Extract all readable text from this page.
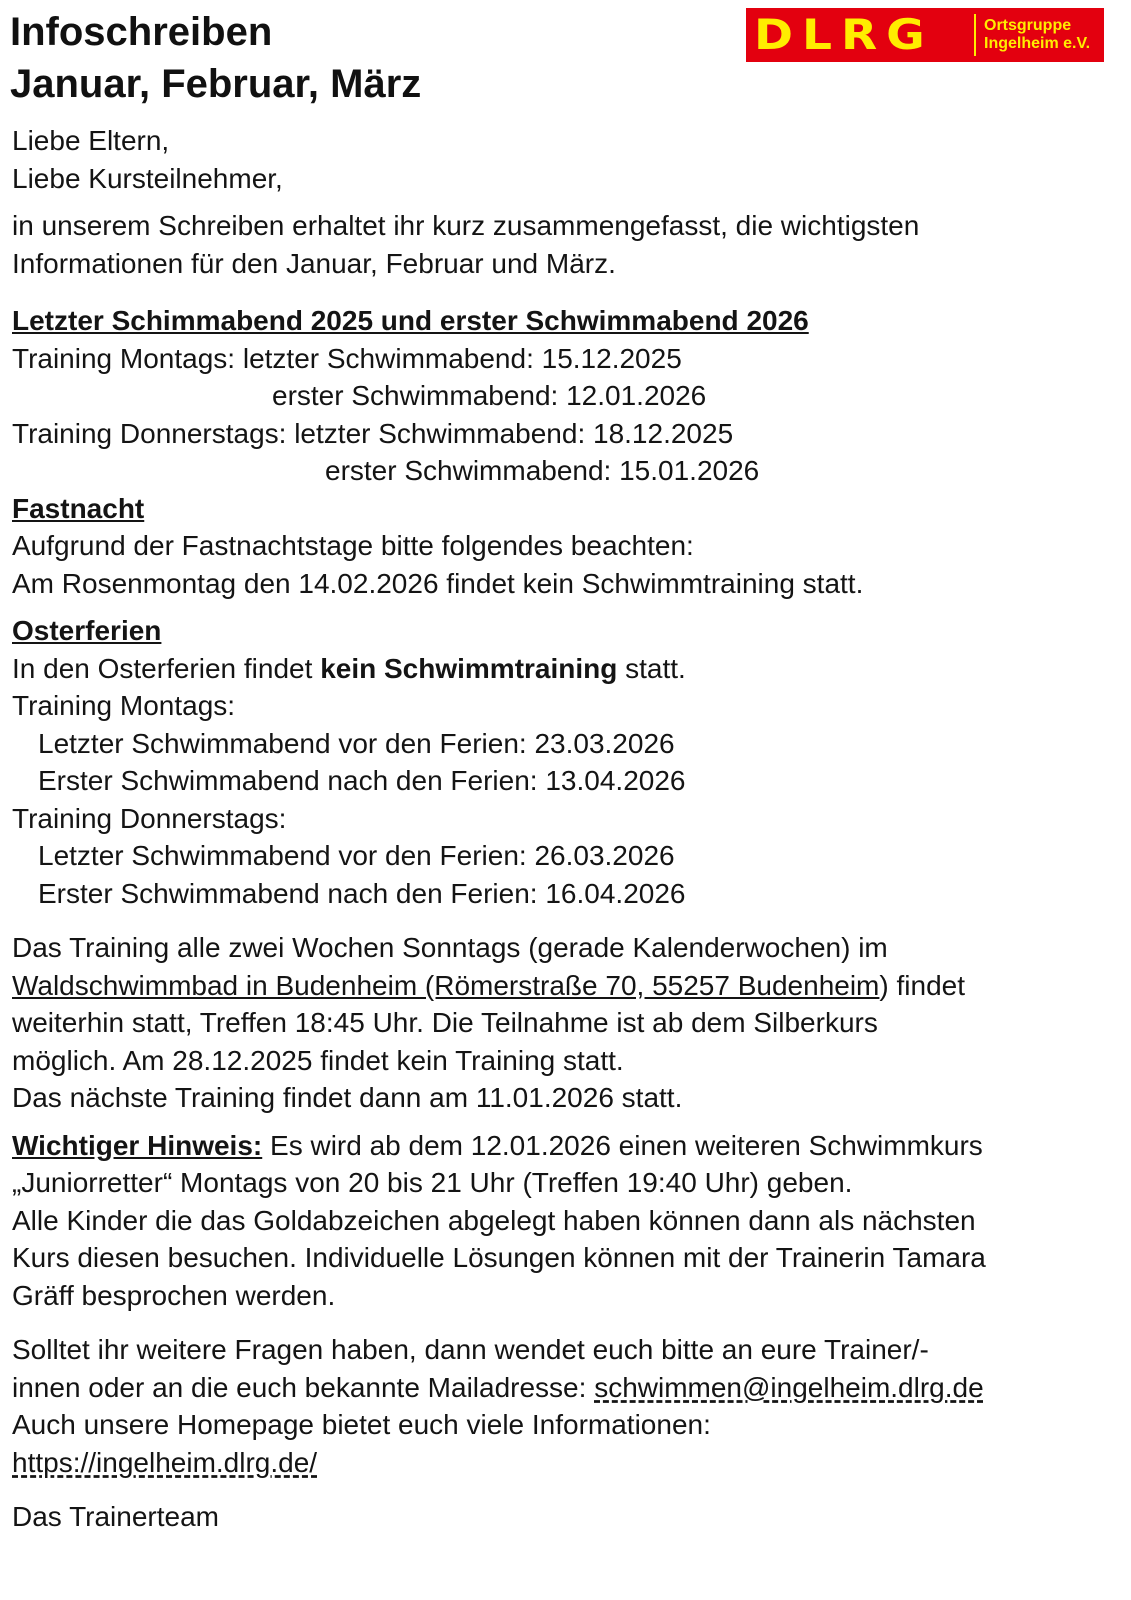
Infoschreiben
Januar, Februar, März
DLRG	Ortsgruppe
Ingelheim e.V.

Liebe Eltern,
Liebe Kursteilnehmer,

in unserem Schreiben erhaltet ihr kurz zusammengefasst, die wichtigsten
Informationen für den Januar, Februar und März.

Letzter Schimmabend 2025 und erster Schwimmabend 2026
Training Montags: letzter Schwimmabend: 15.12.2025
erster Schwimmabend: 12.01.2026
Training Donnerstags: letzter Schwimmabend: 18.12.2025
erster Schwimmabend: 15.01.2026

Fastnacht
Aufgrund der Fastnachtstage bitte folgendes beachten:
Am Rosenmontag den 14.02.2026 findet kein Schwimmtraining statt.

Osterferien
In den Osterferien findet kein Schwimmtraining statt.
Training Montags:
Letzter Schwimmabend vor den Ferien: 23.03.2026
Erster Schwimmabend nach den Ferien: 13.04.2026
Training Donnerstags:
Letzter Schwimmabend vor den Ferien: 26.03.2026
Erster Schwimmabend nach den Ferien: 16.04.2026

Das Training alle zwei Wochen Sonntags (gerade Kalenderwochen) im
Waldschwimmbad in Budenheim (Römerstraße 70, 55257 Budenheim) findet
weiterhin statt, Treffen 18:45 Uhr. Die Teilnahme ist ab dem Silberkurs
möglich. Am 28.12.2025 findet kein Training statt.
Das nächste Training findet dann am 11.01.2026 statt.

Wichtiger Hinweis: Es wird ab dem 12.01.2026 einen weiteren Schwimmkurs
„Juniorretter“ Montags von 20 bis 21 Uhr (Treffen 19:40 Uhr) geben.
Alle Kinder die das Goldabzeichen abgelegt haben können dann als nächsten
Kurs diesen besuchen. Individuelle Lösungen können mit der Trainerin Tamara
Gräff besprochen werden.

Solltet ihr weitere Fragen haben, dann wendet euch bitte an eure Trainer/-
innen oder an die euch bekannte Mailadresse: schwimmen@ingelheim.dlrg.de
Auch unsere Homepage bietet euch viele Informationen:
https://ingelheim.dlrg.de/

Das Trainerteam
